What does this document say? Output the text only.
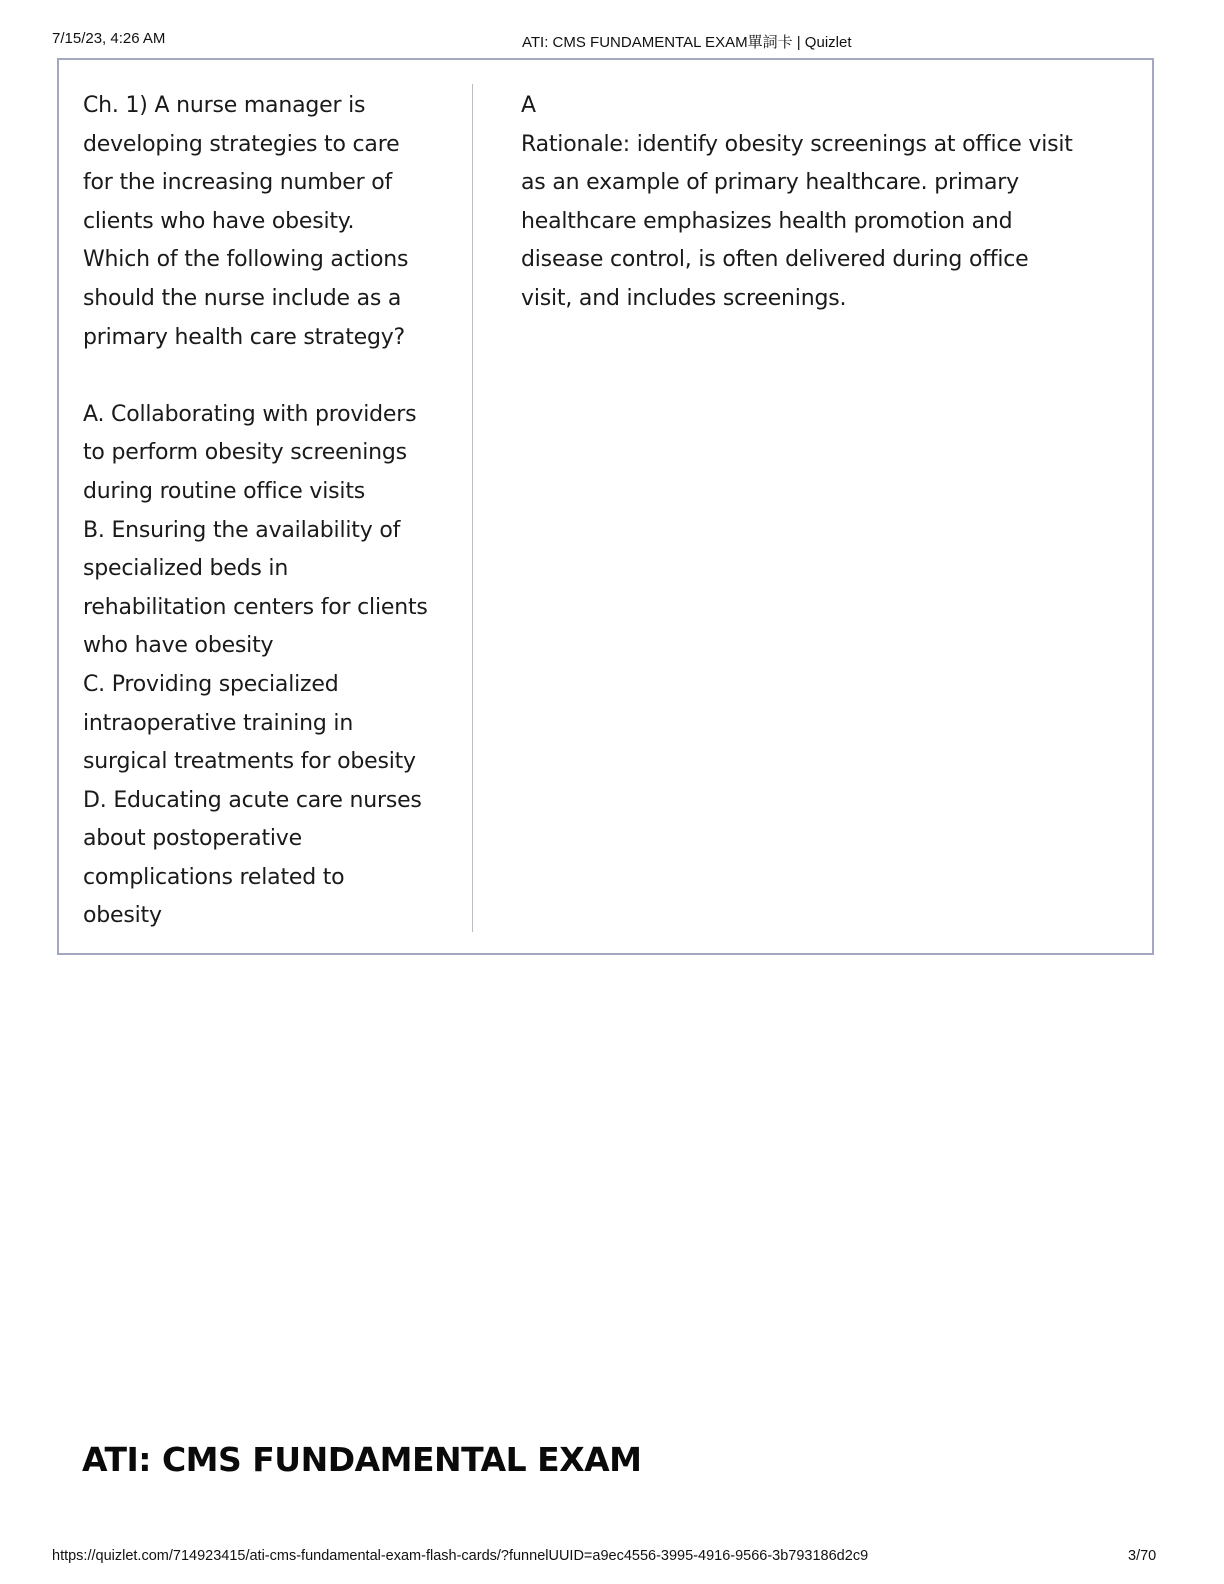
7/15/23, 4:26 AM	ATI: CMS FUNDAMENTAL EXAM單詞卡 | Quizlet
Ch. 1) A nurse manager is
developing strategies to care
for the increasing number of
clients who have obesity.
Which of the following actions
should the nurse include as a
primary health care strategy?

A. Collaborating with providers
to perform obesity screenings
during routine office visits
B. Ensuring the availability of
specialized beds in
rehabilitation centers for clients
who have obesity
C. Providing specialized
intraoperative training in
surgical treatments for obesity
D. Educating acute care nurses
about postoperative
complications related to
obesity
A
Rationale: identify obesity screenings at office visit
as an example of primary healthcare. primary
healthcare emphasizes health promotion and
disease control, is often delivered during office
visit, and includes screenings.
ATI: CMS FUNDAMENTAL EXAM
https://quizlet.com/714923415/ati-cms-fundamental-exam-flash-cards/?funnelUUID=a9ec4556-3995-4916-9566-3b793186d2c9	3/70
